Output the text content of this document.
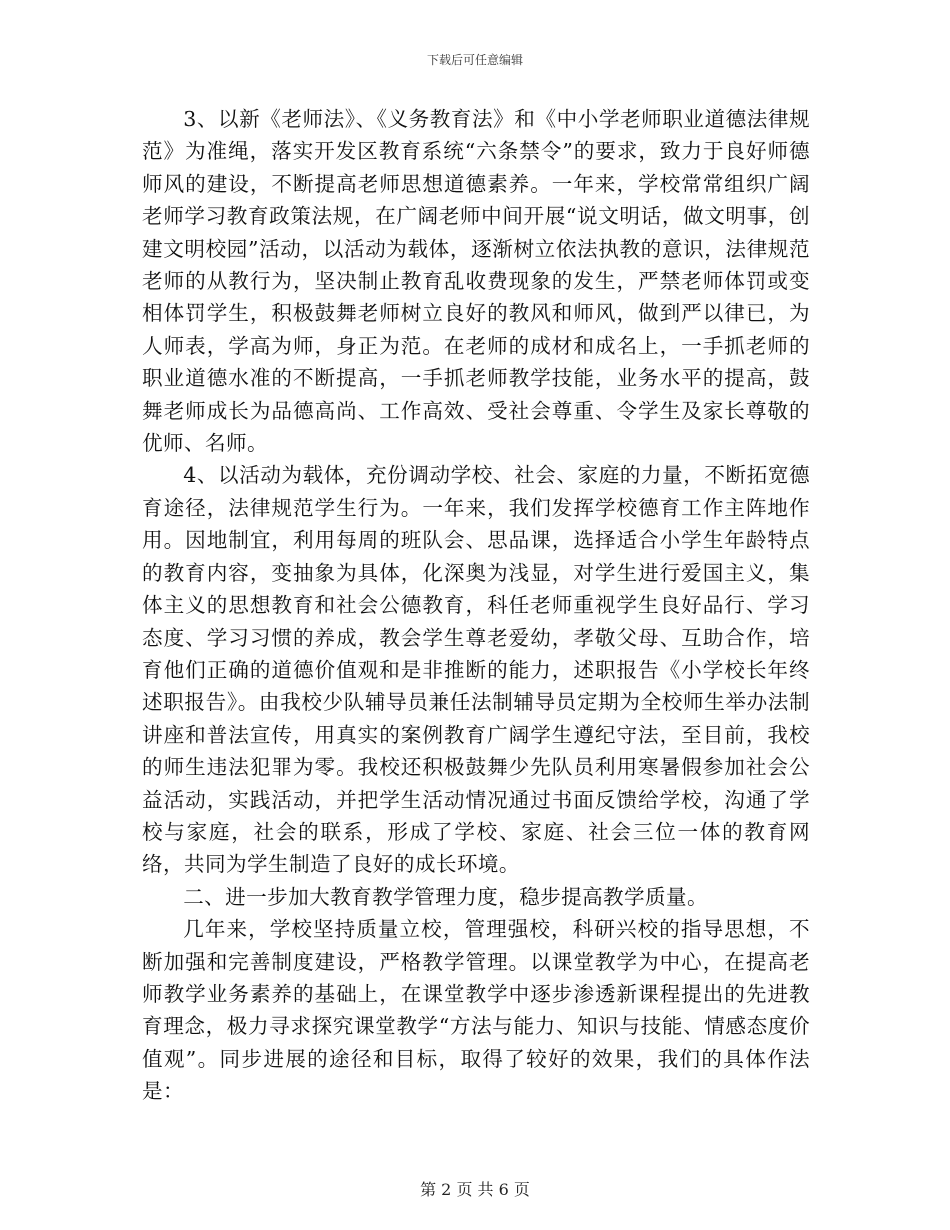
下载后可任意编辑

3、以新《老师法》、《义务教育法》和《中小学老师职业道德法律规范》为准绳，落实开发区教育系统“六条禁令”的要求，致力于良好师德师风的建设，不断提高老师思想道德素养。一年来，学校常常组织广阔老师学习教育政策法规，在广阔老师中间开展“说文明话，做文明事，创建文明校园”活动，以活动为载体，逐渐树立依法执教的意识，法律规范老师的从教行为，坚决制止教育乱收费现象的发生，严禁老师体罚或变相体罚学生，积极鼓舞老师树立良好的教风和师风，做到严以律已，为人师表，学高为师，身正为范。在老师的成材和成名上，一手抓老师的职业道德水准的不断提高，一手抓老师教学技能，业务水平的提高，鼓舞老师成长为品德高尚、工作高效、受社会尊重、令学生及家长尊敬的优师、名师。

4、以活动为载体，充份调动学校、社会、家庭的力量，不断拓宽德育途径，法律规范学生行为。一年来，我们发挥学校德育工作主阵地作用。因地制宜，利用每周的班队会、思品课，选择适合小学生年龄特点的教育内容，变抽象为具体，化深奥为浅显，对学生进行爱国主义，集体主义的思想教育和社会公德教育，科任老师重视学生良好品行、学习态度、学习习惯的养成，教会学生尊老爱幼，孝敬父母、互助合作，培育他们正确的道德价值观和是非推断的能力，述职报告《小学校长年终述职报告》。由我校少队辅导员兼任法制辅导员定期为全校师生举办法制讲座和普法宣传，用真实的案例教育广阔学生遵纪守法，至目前，我校的师生违法犯罪为零。我校还积极鼓舞少先队员利用寒暑假参加社会公益活动，实践活动，并把学生活动情况通过书面反馈给学校，沟通了学校与家庭，社会的联系，形成了学校、家庭、社会三位一体的教育网络，共同为学生制造了良好的成长环境。

二、进一步加大教育教学管理力度，稳步提高教学质量。

几年来，学校坚持质量立校，管理强校，科研兴校的指导思想，不断加强和完善制度建设，严格教学管理。以课堂教学为中心，在提高老师教学业务素养的基础上，在课堂教学中逐步渗透新课程提出的先进教育理念，极力寻求探究课堂教学“方法与能力、知识与技能、情感态度价值观”。同步进展的途径和目标，取得了较好的效果，我们的具体作法是：

第 2 页 共 6 页
